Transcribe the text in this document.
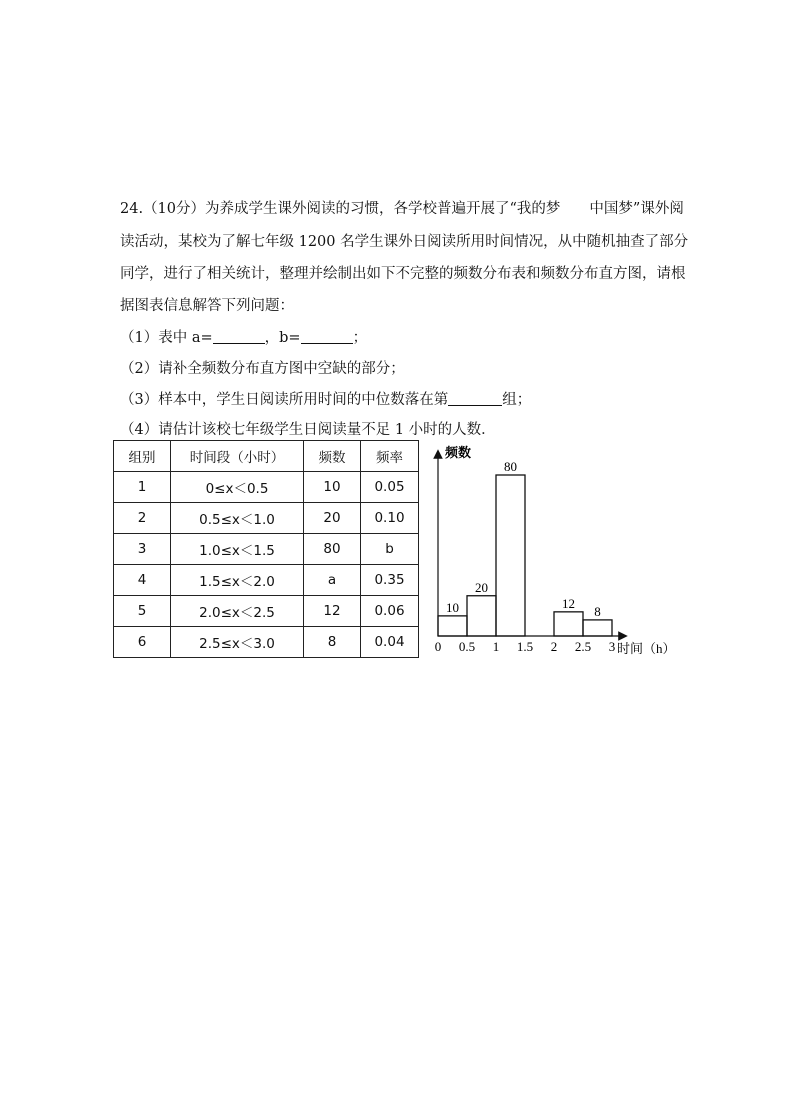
24.（10分）为养成学生课外阅读的习惯，各学校普遍开展了“我的梦　　中国梦”课外阅
读活动，某校为了解七年级 1200 名学生课外日阅读所用时间情况，从中随机抽查了部分
同学，进行了相关统计，整理并绘制出如下不完整的频数分布表和频数分布直方图，请根
据图表信息解答下列问题：
（1）表中 a=	，b=	；
（2）请补全频数分布直方图中空缺的部分；
（3）样本中，学生日阅读所用时间的中位数落在第	组；
（4）请估计该校七年级学生日阅读量不足 1 小时的人数．
组别	时间段（小时）	频数	频率
1	0≤x＜0.5	10	0.05
2	0.5≤x＜1.0	20	0.10
3	1.0≤x＜1.5	80	b
4	1.5≤x＜2.0	a	0.35
5	2.0≤x＜2.5	12	0.06
6	2.5≤x＜3.0	8	0.04
频数
时间（h）
10
20
80
12
8
0 0.5 1 1.5 2 2.5 3
